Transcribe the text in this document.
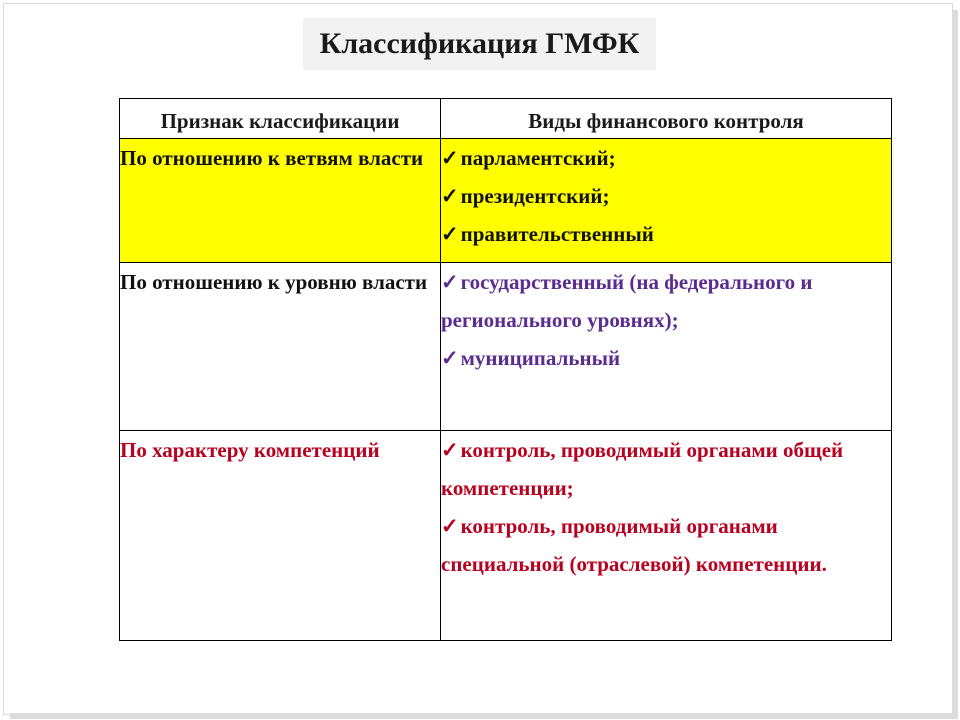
Классификация ГМФК
Признак классификации	Виды финансового контроля
По отношению к ветвям власти	✓парламентский;
✓президентский;
✓правительственный

По отношению к уровню власти	✓государственный (на федерального и регионального уровнях);
✓муниципальный

По характеру компетенций	✓контроль, проводимый органами общей компетенции;
✓контроль, проводимый органами специальной (отраслевой) компетенции.
